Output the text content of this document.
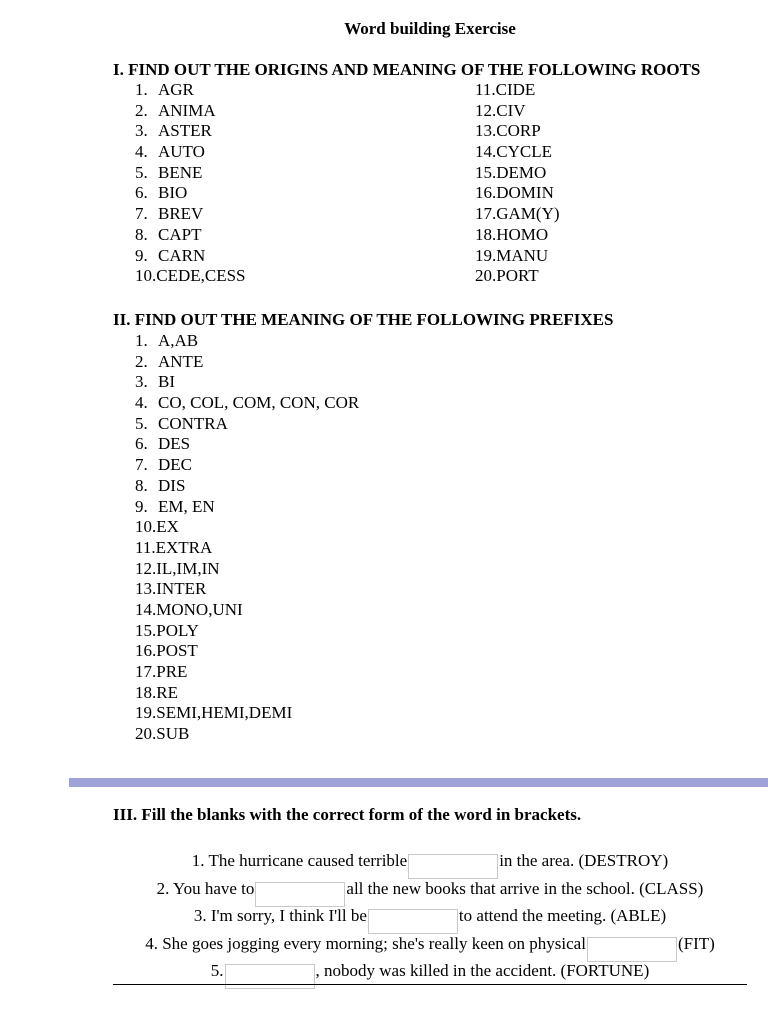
Word building Exercise
I. FIND OUT THE ORIGINS AND MEANING OF THE FOLLOWING ROOTS
1. AGR
2. ANIMA
3. ASTER
4. AUTO
5. BENE
6. BIO
7. BREV
8. CAPT
9. CARN
10.CEDE,CESS
11.CIDE
12.CIV
13.CORP
14.CYCLE
15.DEMO
16.DOMIN
17.GAM(Y)
18.HOMO
19.MANU
20.PORT
II. FIND OUT THE MEANING OF THE FOLLOWING PREFIXES
1. A,AB
2. ANTE
3. BI
4. CO, COL, COM, CON, COR
5. CONTRA
6. DES
7. DEC
8. DIS
9. EM, EN
10.EX
11.EXTRA
12.IL,IM,IN
13.INTER
14.MONO,UNI
15.POLY
16.POST
17.PRE
18.RE
19.SEMI,HEMI,DEMI
20.SUB
III. Fill the blanks with the correct form of the word in brackets.
1. The hurricane caused terrible	in the area. (DESTROY)
2. You have to	all the new books that arrive in the school. (CLASS)
3. I'm sorry, I think I'll be	to attend the meeting. (ABLE)
4. She goes jogging every morning; she's really keen on physical	(FIT)
5.	, nobody was killed in the accident. (FORTUNE)
